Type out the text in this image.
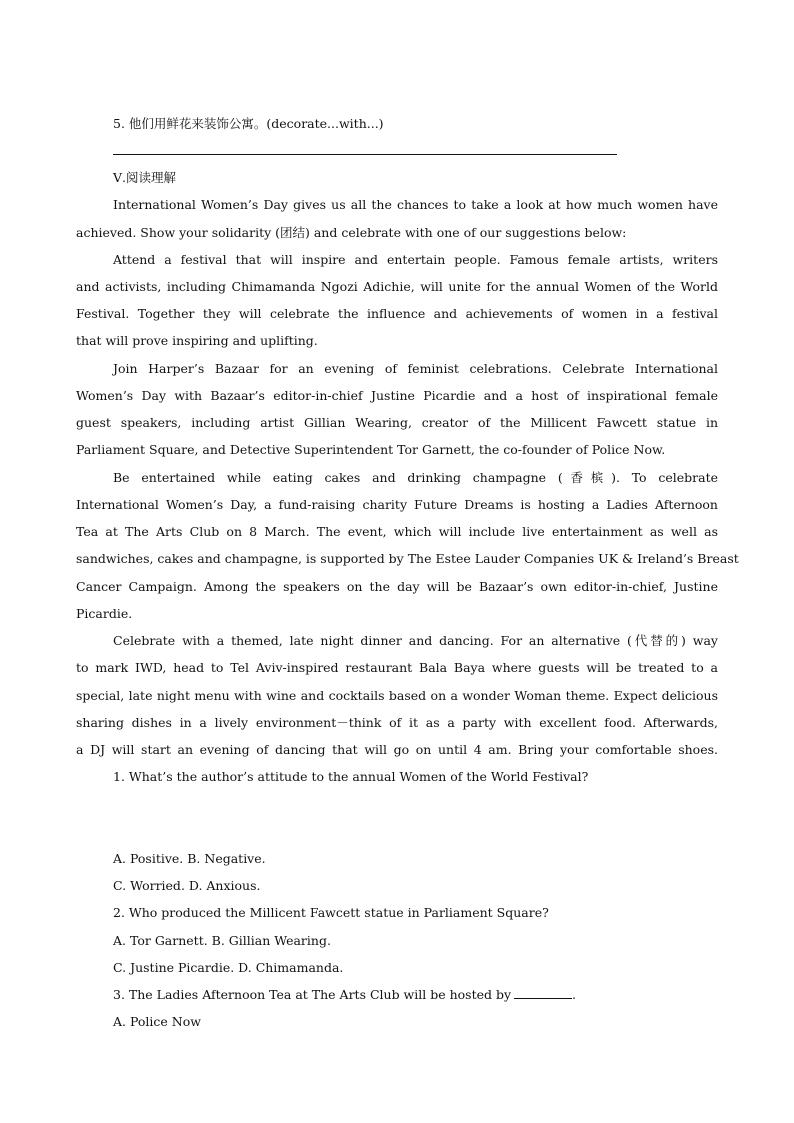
5. 他们用鲜花来装饰公寓。(decorate...with...)
Ⅴ.阅读理解
International Women’s Day gives us all the chances to take a look at how much women have
achieved. Show your solidarity (团结) and celebrate with one of our suggestions below:
Attend a festival that will inspire and entertain people. Famous female artists, writers
and activists, including Chimamanda Ngozi Adichie, will unite for the annual Women of the World
Festival. Together they will celebrate the influence and achievements of women in a festival
that will prove inspiring and uplifting.
Join Harper’s Bazaar for an evening of feminist celebrations. Celebrate International
Women’s Day with Bazaar’s editor-in-chief Justine Picardie and a host of inspirational female
guest speakers, including artist Gillian Wearing, creator of the Millicent Fawcett statue in
Parliament Square, and Detective Superintendent Tor Garnett, the co-founder of Police Now.
Be entertained while eating cakes and drinking champagne (香槟). To celebrate
International Women’s Day, a fund-raising charity Future Dreams is hosting a Ladies Afternoon
Tea at The Arts Club on 8 March. The event, which will include live entertainment as well as
sandwiches, cakes and champagne, is supported by The Estee Lauder Companies UK & Ireland’s Breast
Cancer Campaign. Among the speakers on the day will be Bazaar’s own editor-in-chief, Justine
Picardie.
Celebrate with a themed, late night dinner and dancing. For an alternative (代替的) way
to mark IWD, head to Tel Aviv-inspired restaurant Bala Baya where guests will be treated to a
special, late night menu with wine and cocktails based on a wonder Woman theme. Expect delicious
sharing dishes in a lively environment－think of it as a party with excellent food. Afterwards,
a DJ will start an evening of dancing that will go on until 4 am. Bring your comfortable shoes.
1. What’s the author’s attitude to the annual Women of the World Festival?
A. Positive. B. Negative.
C. Worried. D. Anxious.
2. Who produced the Millicent Fawcett statue in Parliament Square?
A. Tor Garnett. B. Gillian Wearing.
C. Justine Picardie. D. Chimamanda.
3. The Ladies Afternoon Tea at The Arts Club will be hosted by	.
A. Police Now
